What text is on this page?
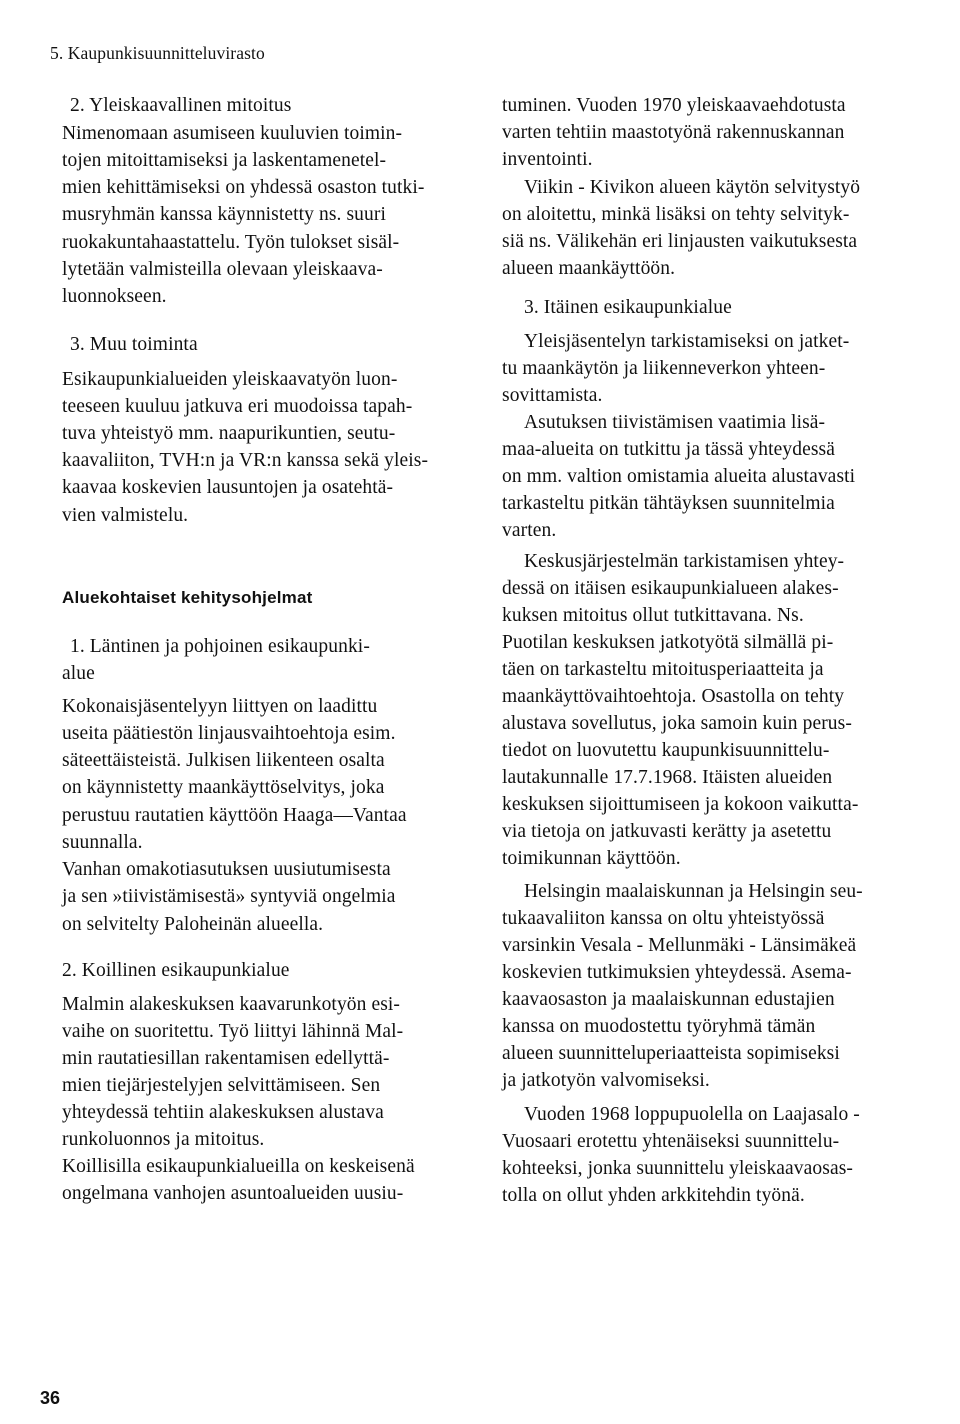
5. Kaupunkisuunnitteluvirasto
2. Yleiskaavallinen mitoitus
Nimenomaan asumiseen kuuluvien toimin-
tojen mitoittamiseksi ja laskentamenetel-
mien kehittämiseksi on yhdessä osaston tutki-
musryhmän kanssa käynnistetty ns. suuri
ruokakuntahaastattelu. Työn tulokset sisäl-
lytetään valmisteilla olevaan yleiskaava-
luonnokseen.
3. Muu toiminta
Esikaupunkialueiden yleiskaavatyön luon-
teeseen kuuluu jatkuva eri muodoissa tapah-
tuva yhteistyö mm. naapurikuntien, seutu-
kaavaliiton, TVH:n ja VR:n kanssa sekä yleis-
kaavaa koskevien lausuntojen ja osatehtä-
vien valmistelu.
Aluekohtaiset kehitysohjelmat
1. Läntinen ja pohjoinen esikaupunki-
alue
Kokonaisjäsentelyyn liittyen on laadittu
useita päätiestön linjausvaihtoehtoja esim.
säteettäisteistä. Julkisen liikenteen osalta
on käynnistetty maankäyttöselvitys, joka
perustuu rautatien käyttöön Haaga—Vantaa
suunnalla.
Vanhan omakotiasutuksen uusiutumisesta
ja sen »tiivistämisestä» syntyviä ongelmia
on selvitelty Paloheinän alueella.
2. Koillinen esikaupunkialue
Malmin alakeskuksen kaavarunkotyön esi-
vaihe on suoritettu. Työ liittyi lähinnä Mal-
min rautatiesillan rakentamisen edellyttä-
mien tiejärjestelyjen selvittämiseen. Sen
yhteydessä tehtiin alakeskuksen alustava
runkoluonnos ja mitoitus.
Koillisilla esikaupunkialueilla on keskeisenä
ongelmana vanhojen asuntoalueiden uusiu-
tuminen. Vuoden 1970 yleiskaavaehdotusta
varten tehtiin maastotyönä rakennuskannan
inventointi.
Viikin - Kivikon alueen käytön selvitystyö
on aloitettu, minkä lisäksi on tehty selvityk-
siä ns. Välikehän eri linjausten vaikutuksesta
alueen maankäyttöön.
3. Itäinen esikaupunkialue
Yleisjäsentelyn tarkistamiseksi on jatket-
tu maankäytön ja liikenneverkon yhteen-
sovittamista.
Asutuksen tiivistämisen vaatimia lisä-
maa-alueita on tutkittu ja tässä yhteydessä
on mm. valtion omistamia alueita alustavasti
tarkasteltu pitkän tähtäyksen suunnitelmia
varten.
Keskusjärjestelmän tarkistamisen yhtey-
dessä on itäisen esikaupunkialueen alakes-
kuksen mitoitus ollut tutkittavana. Ns.
Puotilan keskuksen jatkotyötä silmällä pi-
täen on tarkasteltu mitoitusperiaatteita ja
maankäyttövaihtoehtoja. Osastolla on tehty
alustava sovellutus, joka samoin kuin perus-
tiedot on luovutettu kaupunkisuunnittelu-
lautakunnalle 17.7.1968. Itäisten alueiden
keskuksen sijoittumiseen ja kokoon vaikutta-
via tietoja on jatkuvasti kerätty ja asetettu
toimikunnan käyttöön.
Helsingin maalaiskunnan ja Helsingin seu-
tukaavaliiton kanssa on oltu yhteistyössä
varsinkin Vesala - Mellunmäki - Länsimäkeä
koskevien tutkimuksien yhteydessä. Asema-
kaavaosaston ja maalaiskunnan edustajien
kanssa on muodostettu työryhmä tämän
alueen suunnitteluperiaatteista sopimiseksi
ja jatkotyön valvomiseksi.
Vuoden 1968 loppupuolella on Laajasalo -
Vuosaari erotettu yhtenäiseksi suunnittelu-
kohteeksi, jonka suunnittelu yleiskaavaosas-
tolla on ollut yhden arkkitehdin työnä.
36
